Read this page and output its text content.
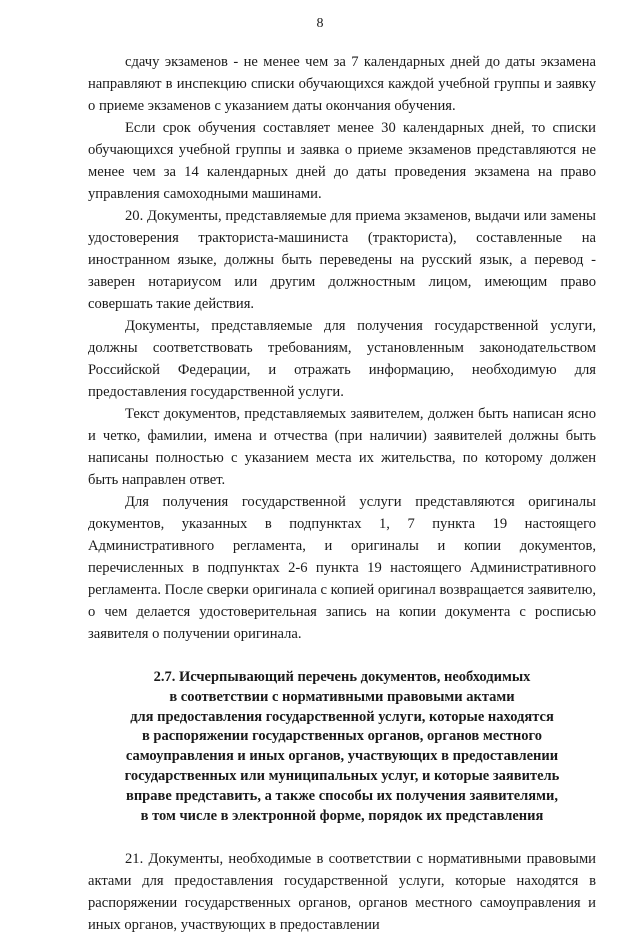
8

сдачу экзаменов - не менее чем за 7 календарных дней до даты экзамена направляют в инспекцию списки обучающихся каждой учебной группы и заявку о приеме экзаменов с указанием даты окончания обучения.

Если срок обучения составляет менее 30 календарных дней, то списки обучающихся учебной группы и заявка о приеме экзаменов представляются не менее чем за 14 календарных дней до даты проведения экзамена на право управления самоходными машинами.

20. Документы, представляемые для приема экзаменов, выдачи или замены удостоверения тракториста-машиниста (тракториста), составленные на иностранном языке, должны быть переведены на русский язык, а перевод - заверен нотариусом или другим должностным лицом, имеющим право совершать такие действия.

Документы, представляемые для получения государственной услуги, должны соответствовать требованиям, установленным законодательством Российской Федерации, и отражать информацию, необходимую для предоставления государственной услуги.

Текст документов, представляемых заявителем, должен быть написан ясно и четко, фамилии, имена и отчества (при наличии) заявителей должны быть написаны полностью с указанием места их жительства, по которому должен быть направлен ответ.

Для получения государственной услуги представляются оригиналы документов, указанных в подпунктах 1, 7 пункта 19 настоящего Административного регламента, и оригиналы и копии документов, перечисленных в подпунктах 2-6 пункта 19 настоящего Административного регламента. После сверки оригинала с копией оригинал возвращается заявителю, о чем делается удостоверительная запись на копии документа с росписью заявителя о получении оригинала.

2.7. Исчерпывающий перечень документов, необходимых
в соответствии с нормативными правовыми актами
для предоставления государственной услуги, которые находятся
в распоряжении государственных органов, органов местного
самоуправления и иных органов, участвующих в предоставлении
государственных или муниципальных услуг, и которые заявитель
вправе представить, а также способы их получения заявителями,
в том числе в электронной форме, порядок их представления

21. Документы, необходимые в соответствии с нормативными правовыми актами для предоставления государственной услуги, которые находятся в распоряжении государственных органов, органов местного самоуправления и иных органов, участвующих в предоставлении
